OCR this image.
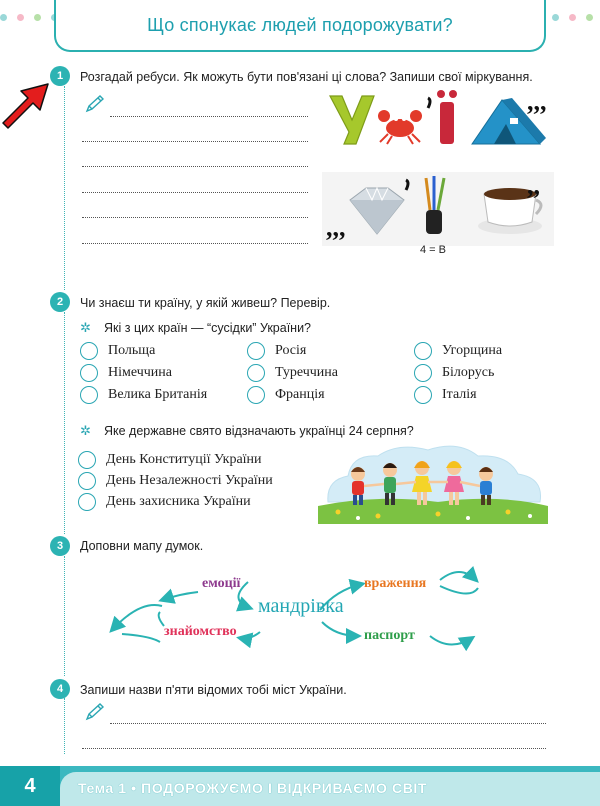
Що спонукає людей подорожувати?
1	Розгадай ребуси. Як можуть бути пов'язані ці слова? Запиши свої міркування.
,,,
,,,
,,
4 = В
2	Чи знаєш ти країну, у якій живеш? Перевір.
✲ Які з цих країн — “сусідки” України?
Польща
Німеччина
Велика Британія
Росія
Туреччина
Франція
Угорщина
Білорусь
Італія
✲ Яке державне свято відзначають українці 24 серпня?
День Конституції України
День Незалежності України
День захисника України
3	Доповни мапу думок.
емоції	враження
мандрівка
знайомство	паспорт
4	Запиши назви п'яти відомих тобі міст України.
4	Тема 1 • ПОДОРОЖУЄМО І ВІДКРИВАЄМО СВІТ
